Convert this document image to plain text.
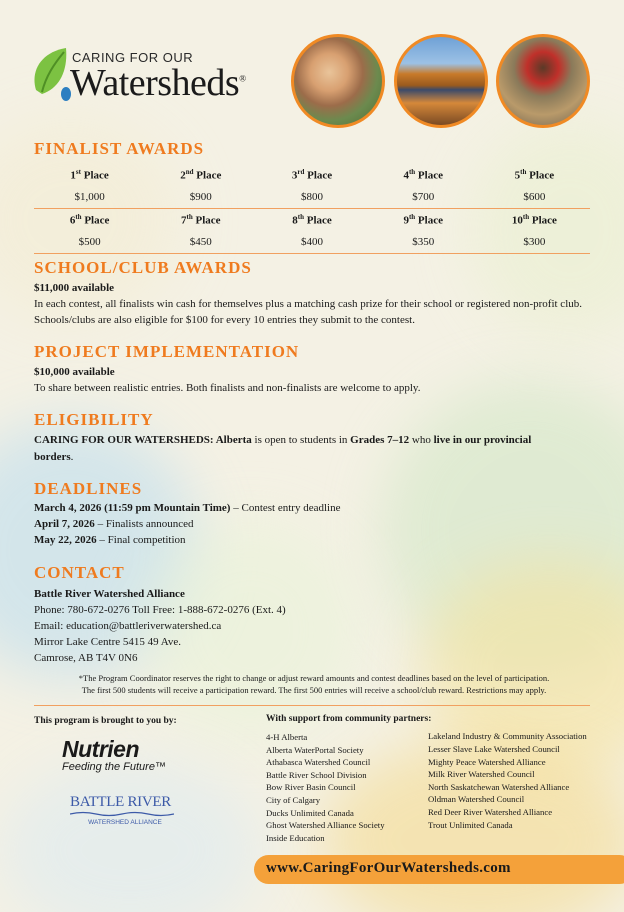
CARING FOR OUR
Watersheds®
FINALIST AWARDS
1st Place	2nd Place	3rd Place	4th Place	5th Place
$1,000	$900	$800	$700	$600
6th Place	7th Place	8th Place	9th Place	10th Place
$500	$450	$400	$350	$300
SCHOOL/CLUB AWARDS

$11,000 available

In each contest, all finalists win cash for themselves plus a matching cash prize for their school or registered non-profit club. Schools/clubs are also eligible for $100 for every 10 entries they submit to the contest.

PROJECT IMPLEMENTATION

$10,000 available

To share between realistic entries. Both finalists and non-finalists are welcome to apply.

ELIGIBILITY

CARING FOR OUR WATERSHEDS: Alberta is open to students in Grades 7–12 who live in our provincial borders.

DEADLINES

March 4, 2026 (11:59 pm Mountain Time) – Contest entry deadline

April 7, 2026 – Finalists announced

May 22, 2026 – Final competition

CONTACT

Battle River Watershed Alliance

Phone: 780-672-0276 Toll Free: 1-888-672-0276 (Ext. 4)

Email: education@battleriverwatershed.ca

Mirror Lake Centre 5415 49 Ave.

Camrose, AB T4V 0N6

*The Program Coordinator reserves the right to change or adjust reward amounts and contest deadlines based on the level of participation.

The first 500 students will receive a participation reward. The first 500 entries will receive a school/club reward. Restrictions may apply.

This program is brought to you by:
Nutrien
Feeding the Future™
BATTLE RIVER
WATERSHED ALLIANCE
With support from community partners:
4-H Alberta
Alberta WaterPortal Society
Athabasca Watershed Council
Battle River School Division
Bow River Basin Council
City of Calgary
Ducks Unlimited Canada
Ghost Watershed Alliance Society
Inside Education
Lakeland Industry & Community Association
Lesser Slave Lake Watershed Council
Mighty Peace Watershed Alliance
Milk River Watershed Council
North Saskatchewan Watershed Alliance
Oldman Watershed Council
Red Deer River Watershed Alliance
Trout Unlimited Canada
www.CaringForOurWatersheds.com
